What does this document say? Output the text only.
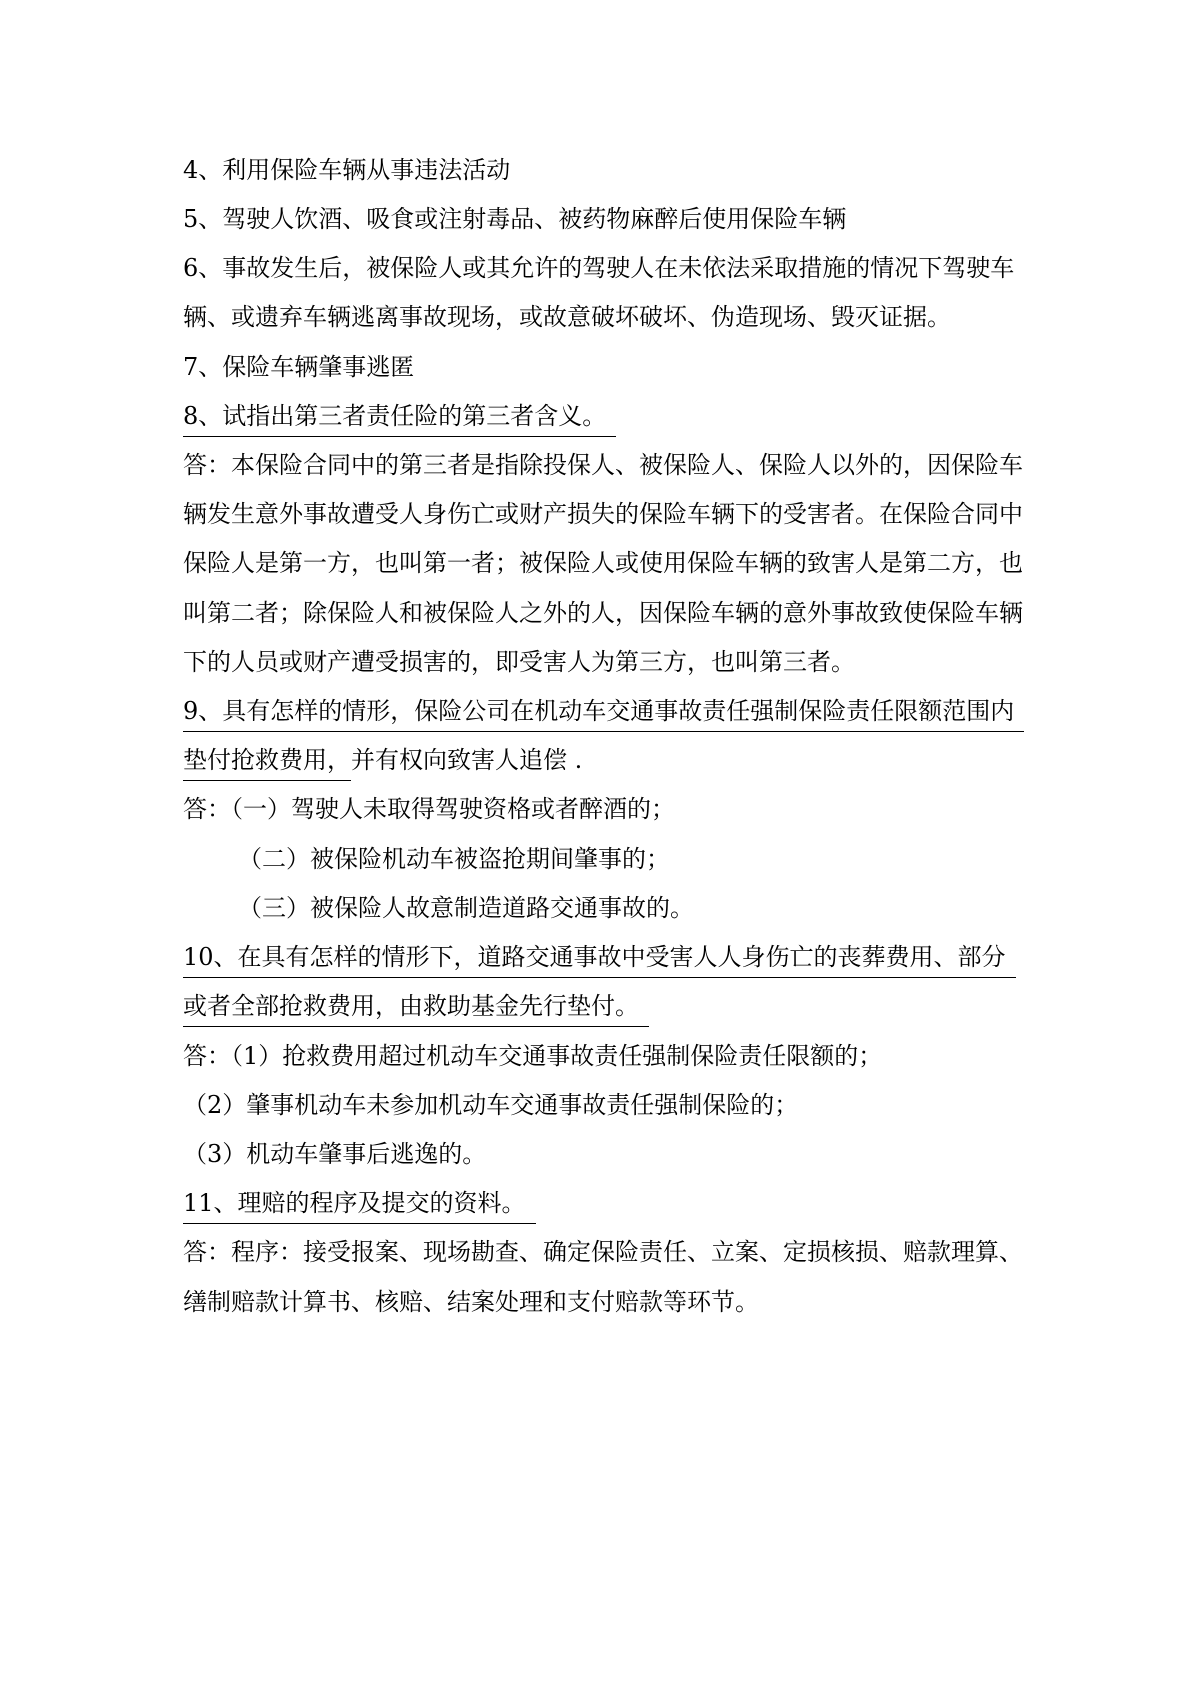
4、利用保险车辆从事违法活动
5、驾驶人饮酒、吸食或注射毒品、被药物麻醉后使用保险车辆
6、事故发生后，被保险人或其允许的驾驶人在未依法采取措施的情况下驾驶车
辆、或遗弃车辆逃离事故现场，或故意破坏破坏、伪造现场、毁灭证据。
7、保险车辆肇事逃匿
8、试指出第三者责任险的第三者含义。
答：本保险合同中的第三者是指除投保人、被保险人、保险人以外的，因保险车
辆发生意外事故遭受人身伤亡或财产损失的保险车辆下的受害者。在保险合同中
保险人是第一方，也叫第一者；被保险人或使用保险车辆的致害人是第二方，也
叫第二者；除保险人和被保险人之外的人，因保险车辆的意外事故致使保险车辆
下的人员或财产遭受损害的，即受害人为第三方，也叫第三者。
9、具有怎样的情形，保险公司在机动车交通事故责任强制保险责任限额范围内
垫付抢救费用，并有权向致害人追偿 .
答：（一）驾驶人未取得驾驶资格或者醉酒的；
（二）被保险机动车被盗抢期间肇事的；
（三）被保险人故意制造道路交通事故的。
10、在具有怎样的情形下，道路交通事故中受害人人身伤亡的丧葬费用、部分
或者全部抢救费用，由救助基金先行垫付。
答：（1）抢救费用超过机动车交通事故责任强制保险责任限额的；
（2）肇事机动车未参加机动车交通事故责任强制保险的；
（3）机动车肇事后逃逸的。
11、理赔的程序及提交的资料。
答：程序：接受报案、现场勘查、确定保险责任、立案、定损核损、赔款理算、
缮制赔款计算书、核赔、结案处理和支付赔款等环节。
